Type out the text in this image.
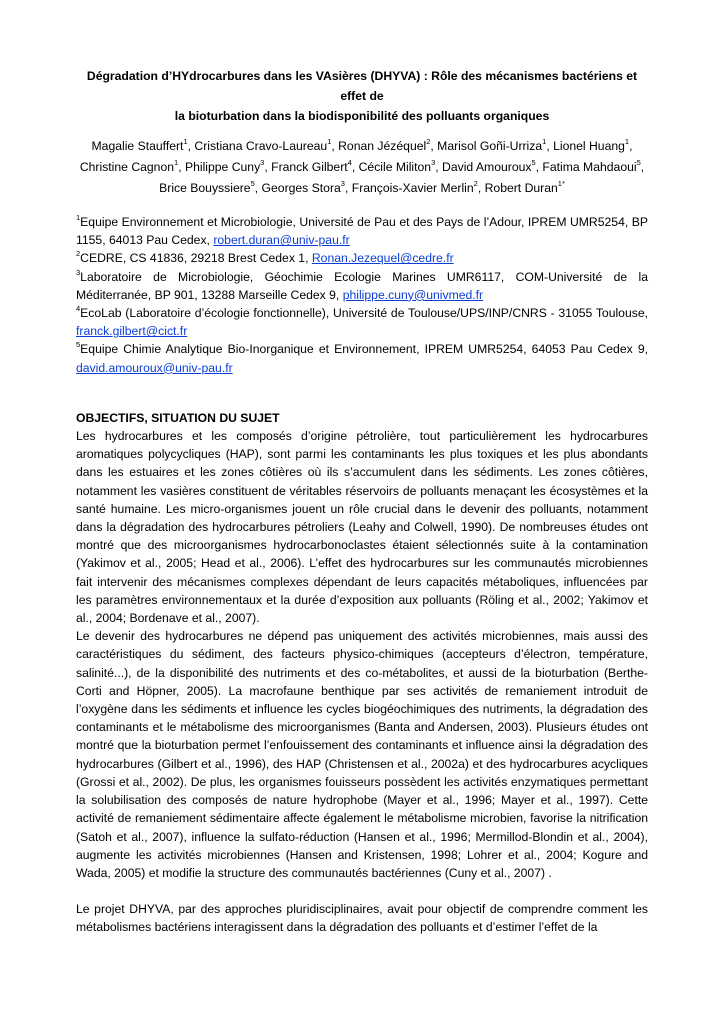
Dégradation d’HYdrocarbures dans les VAsières (DHYVA) : Rôle des mécanismes bactériens et effet de
la bioturbation dans la biodisponibilité des polluants organiques
Magalie Stauffert$^1$, Cristiana Cravo-Laureau$^1$, Ronan Jézéquel$^2$, Marisol Goñi-Urriza$^1$, Lionel Huang$^1$,
Christine Cagnon$^1$, Philippe Cuny$^3$, Franck Gilbert$^4$, Cécile Militon$^3$, David Amouroux$^5$, Fatima Mahdaoui$^5$,
Brice Bouyssiere$^5$, Georges Stora$^3$, François-Xavier Merlin$^2$, Robert Duran$^{1*}$

$^1$Equipe Environnement et Microbiologie, Université de Pau et des Pays de l’Adour, IPREM UMR5254, BP 1155, 64013 Pau Cedex, robert.duran@univ-pau.fr

$^2$CEDRE, CS 41836, 29218 Brest Cedex 1, Ronan.Jezequel@cedre.fr

$^3$Laboratoire de Microbiologie, Géochimie Ecologie Marines UMR6117, COM-Université de la Méditerranée, BP 901, 13288 Marseille Cedex 9, philippe.cuny@univmed.fr

$^4$EcoLab (Laboratoire d’écologie fonctionnelle), Université de Toulouse/UPS/INP/CNRS - 31055 Toulouse, franck.gilbert@cict.fr

$^5$Equipe Chimie Analytique Bio-Inorganique et Environnement, IPREM UMR5254, 64053 Pau Cedex 9, david.amouroux@univ-pau.fr

OBJECTIFS, SITUATION DU SUJET

Les hydrocarbures et les composés d’origine pétrolière, tout particulièrement les hydrocarbures aromatiques polycycliques (HAP), sont parmi les contaminants les plus toxiques et les plus abondants dans les estuaires et les zones côtières où ils s’accumulent dans les sédiments. Les zones côtières, notamment les vasières constituent de véritables réservoirs de polluants menaçant les écosystèmes et la santé humaine. Les micro-organismes jouent un rôle crucial dans le devenir des polluants, notamment dans la dégradation des hydrocarbures pétroliers (Leahy and Colwell, 1990). De nombreuses études ont montré que des microorganismes hydrocarbonoclastes étaient sélectionnés suite à la contamination (Yakimov et al., 2005; Head et al., 2006). L’effet des hydrocarbures sur les communautés microbiennes fait intervenir des mécanismes complexes dépendant de leurs capacités métaboliques, influencées par les paramètres environnementaux et la durée d’exposition aux polluants (Röling et al., 2002; Yakimov et al., 2004; Bordenave et al., 2007).

Le devenir des hydrocarbures ne dépend pas uniquement des activités microbiennes, mais aussi des caractéristiques du sédiment, des facteurs physico-chimiques (accepteurs d’électron, température, salinité...), de la disponibilité des nutriments et des co-métabolites, et aussi de la bioturbation (Berthe-Corti and Höpner, 2005). La macrofaune benthique par ses activités de remaniement introduit de l’oxygène dans les sédiments et influence les cycles biogéochimiques des nutriments, la dégradation des contaminants et le métabolisme des microorganismes (Banta and Andersen, 2003). Plusieurs études ont montré que la bioturbation permet l’enfouissement des contaminants et influence ainsi la dégradation des hydrocarbures (Gilbert et al., 1996), des HAP (Christensen et al., 2002a) et des hydrocarbures acycliques (Grossi et al., 2002). De plus, les organismes fouisseurs possèdent les activités enzymatiques permettant la solubilisation des composés de nature hydrophobe (Mayer et al., 1996; Mayer et al., 1997). Cette activité de remaniement sédimentaire affecte également le métabolisme microbien, favorise la nitrification (Satoh et al., 2007), influence la sulfato-réduction (Hansen et al., 1996; Mermillod-Blondin et al., 2004), augmente les activités microbiennes (Hansen and Kristensen, 1998; Lohrer et al., 2004; Kogure and Wada, 2005) et modifie la structure des communautés bactériennes (Cuny et al., 2007) .

Le projet DHYVA, par des approches pluridisciplinaires, avait pour objectif de comprendre comment les métabolismes bactériens interagissent dans la dégradation des polluants et d’estimer l’effet de la
